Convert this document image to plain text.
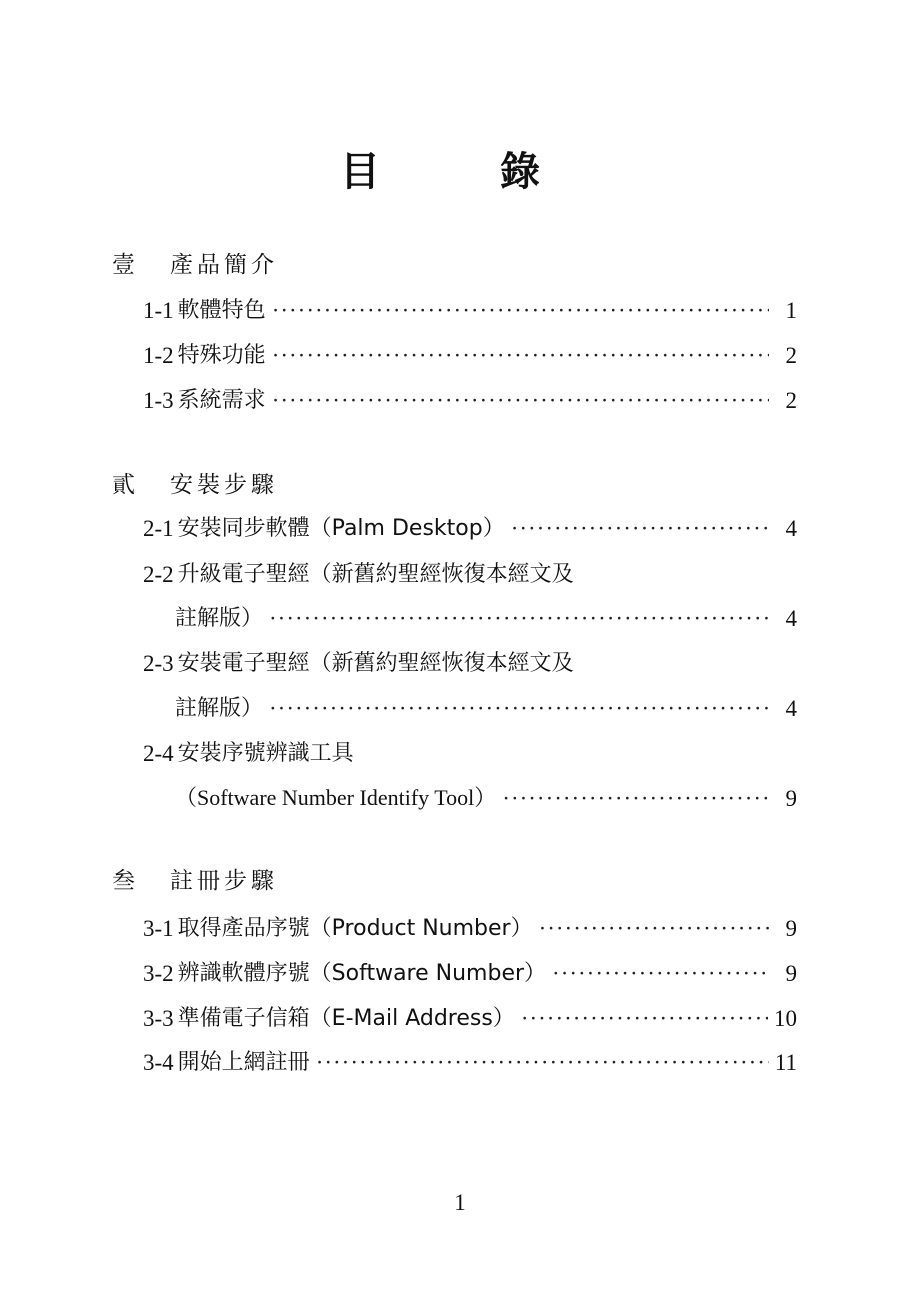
目　錄
壹 產品簡介
1-1 軟體特色 ·····	1
1-2 特殊功能 ·····	2
1-3 系統需求 ·····	2
貳 安裝步驟
2-1 安裝同步軟體（Palm Desktop） ·····	4
2-2 升級電子聖經（新舊約聖經恢復本經文及
註解版） ·····	4
2-3 安裝電子聖經（新舊約聖經恢復本經文及
註解版） ·····	4
2-4 安裝序號辨識工具
（Software Number Identify Tool） ·····	9
叁 註冊步驟
3-1 取得產品序號（Product Number） ·····	9
3-2 辨識軟體序號（Software Number） ·····	9
3-3 準備電子信箱（E-Mail Address） ·····	10
3-4 開始上網註冊 ·····	11
1
